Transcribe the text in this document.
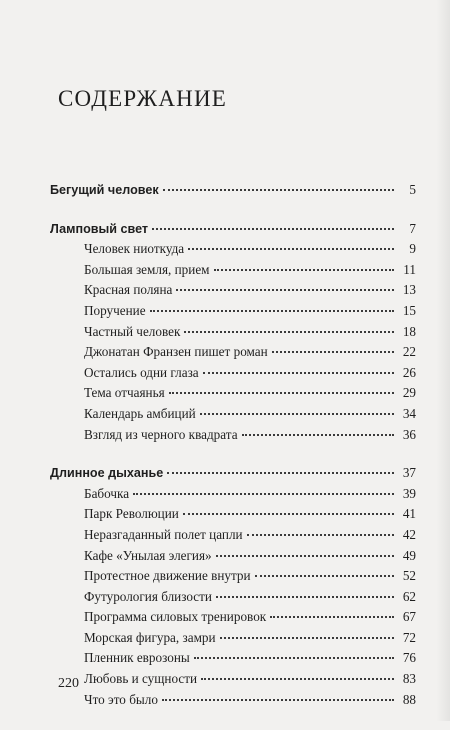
СОДЕРЖАНИЕ
Бегущий человек	5
Ламповый свет	7
Человек ниоткуда	9
Большая земля, прием	11
Красная поляна	13
Поручение	15
Частный человек	18
Джонатан Франзен пишет роман	22
Остались одни глаза	26
Тема отчаянья	29
Календарь амбиций	34
Взгляд из черного квадрата	36
Длинное дыханье	37
Бабочка	39
Парк Революции	41
Неразгаданный полет цапли	42
Кафе «Унылая элегия»	49
Протестное движение внутри	52
Футурология близости	62
Программа силовых тренировок	67
Морская фигура, замри	72
Пленник еврозоны	76
Любовь и сущности	83
Что это было	88
220
